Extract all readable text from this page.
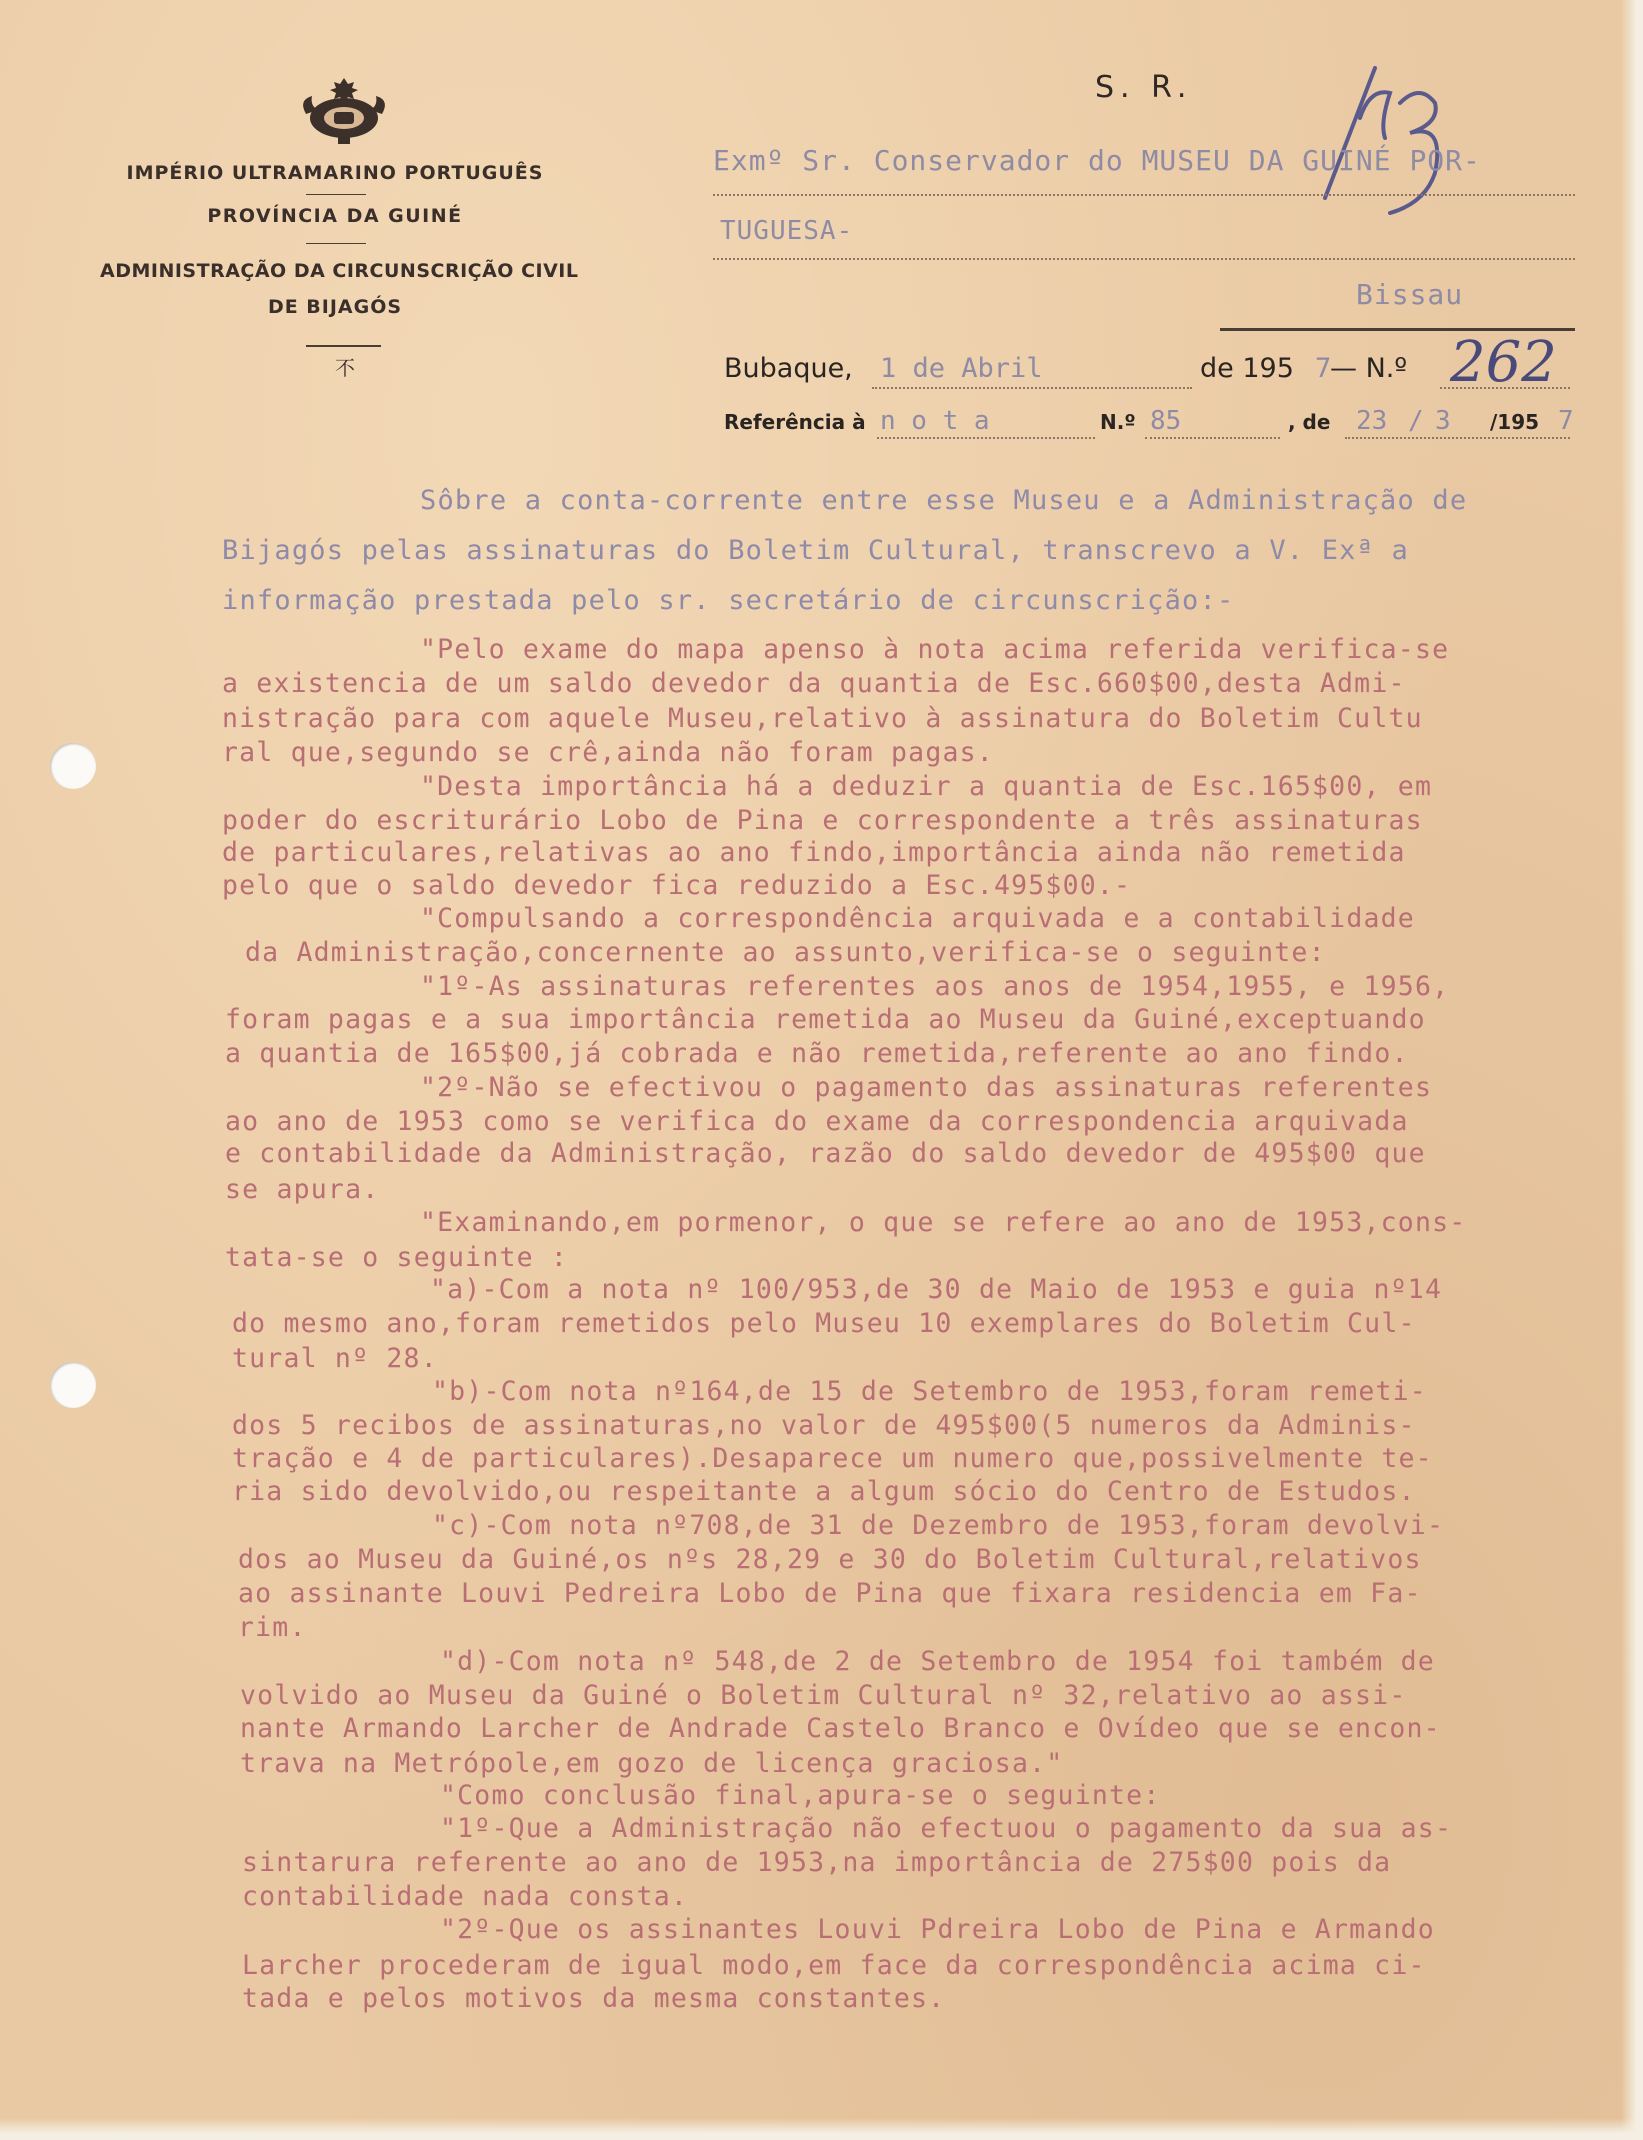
IMPÉRIO ULTRAMARINO PORTUGUÊS
PROVÍNCIA DA GUINÉ
ADMINISTRAÇÃO DA CIRCUNSCRIÇÃO CIVIL
DE BIJAGÓS
不
S. R.
Exmº Sr. Conservador do MUSEU DA GUINÉ POR-
TUGUESA-
Bissau
Bubaque, 1 de Abril	de 195 7
— N.º 262
Referência à n o t a	N.º 85	, de 23 / 3 /195 7
Sôbre a conta-corrente entre esse Museu e a Administração de
Bijagós pelas assinaturas do Boletim Cultural, transcrevo a V. Exª a
informação prestada pelo sr. secretário de circunscrição:-
"Pelo exame do mapa apenso à nota acima referida verifica-se
a existencia de um saldo devedor da quantia de Esc.660$00,desta Admi-
nistração para com aquele Museu,relativo à assinatura do Boletim Cultu
ral que,segundo se crê,ainda não foram pagas.
"Desta importância há a deduzir a quantia de Esc.165$00, em
poder do escriturário Lobo de Pina e correspondente a três assinaturas
de particulares,relativas ao ano findo,importância ainda não remetida
pelo que o saldo devedor fica reduzido a Esc.495$00.-
"Compulsando a correspondência arquivada e a contabilidade
da Administração,concernente ao assunto,verifica-se o seguinte:
"1º-As assinaturas referentes aos anos de 1954,1955, e 1956,
foram pagas e a sua importância remetida ao Museu da Guiné,exceptuando
a quantia de 165$00,já cobrada e não remetida,referente ao ano findo.
"2º-Não se efectivou o pagamento das assinaturas referentes
ao ano de 1953 como se verifica do exame da correspondencia arquivada
e contabilidade da Administração, razão do saldo devedor de 495$00 que
se apura.
"Examinando,em pormenor, o que se refere ao ano de 1953,cons-
tata-se o seguinte :
"a)-Com a nota nº 100/953,de 30 de Maio de 1953 e guia nº14
do mesmo ano,foram remetidos pelo Museu 10 exemplares do Boletim Cul-
tural nº 28.
"b)-Com nota nº164,de 15 de Setembro de 1953,foram remeti-
dos 5 recibos de assinaturas,no valor de 495$00(5 numeros da Adminis-
tração e 4 de particulares).Desaparece um numero que,possivelmente te-
ria sido devolvido,ou respeitante a algum sócio do Centro de Estudos.
"c)-Com nota nº708,de 31 de Dezembro de 1953,foram devolvi-
dos ao Museu da Guiné,os nºs 28,29 e 30 do Boletim Cultural,relativos
ao assinante Louvi Pedreira Lobo de Pina que fixara residencia em Fa-
rim.
"d)-Com nota nº 548,de 2 de Setembro de 1954 foi também de
volvido ao Museu da Guiné o Boletim Cultural nº 32,relativo ao assi-
nante Armando Larcher de Andrade Castelo Branco e Ovídeo que se encon-
trava na Metrópole,em gozo de licença graciosa."
"Como conclusão final,apura-se o seguinte:
"1º-Que a Administração não efectuou o pagamento da sua as-
sintarura referente ao ano de 1953,na importância de 275$00 pois da
contabilidade nada consta.
"2º-Que os assinantes Louvi Pdreira Lobo de Pina e Armando
Larcher procederam de igual modo,em face da correspondência acima ci-
tada e pelos motivos da mesma constantes.
